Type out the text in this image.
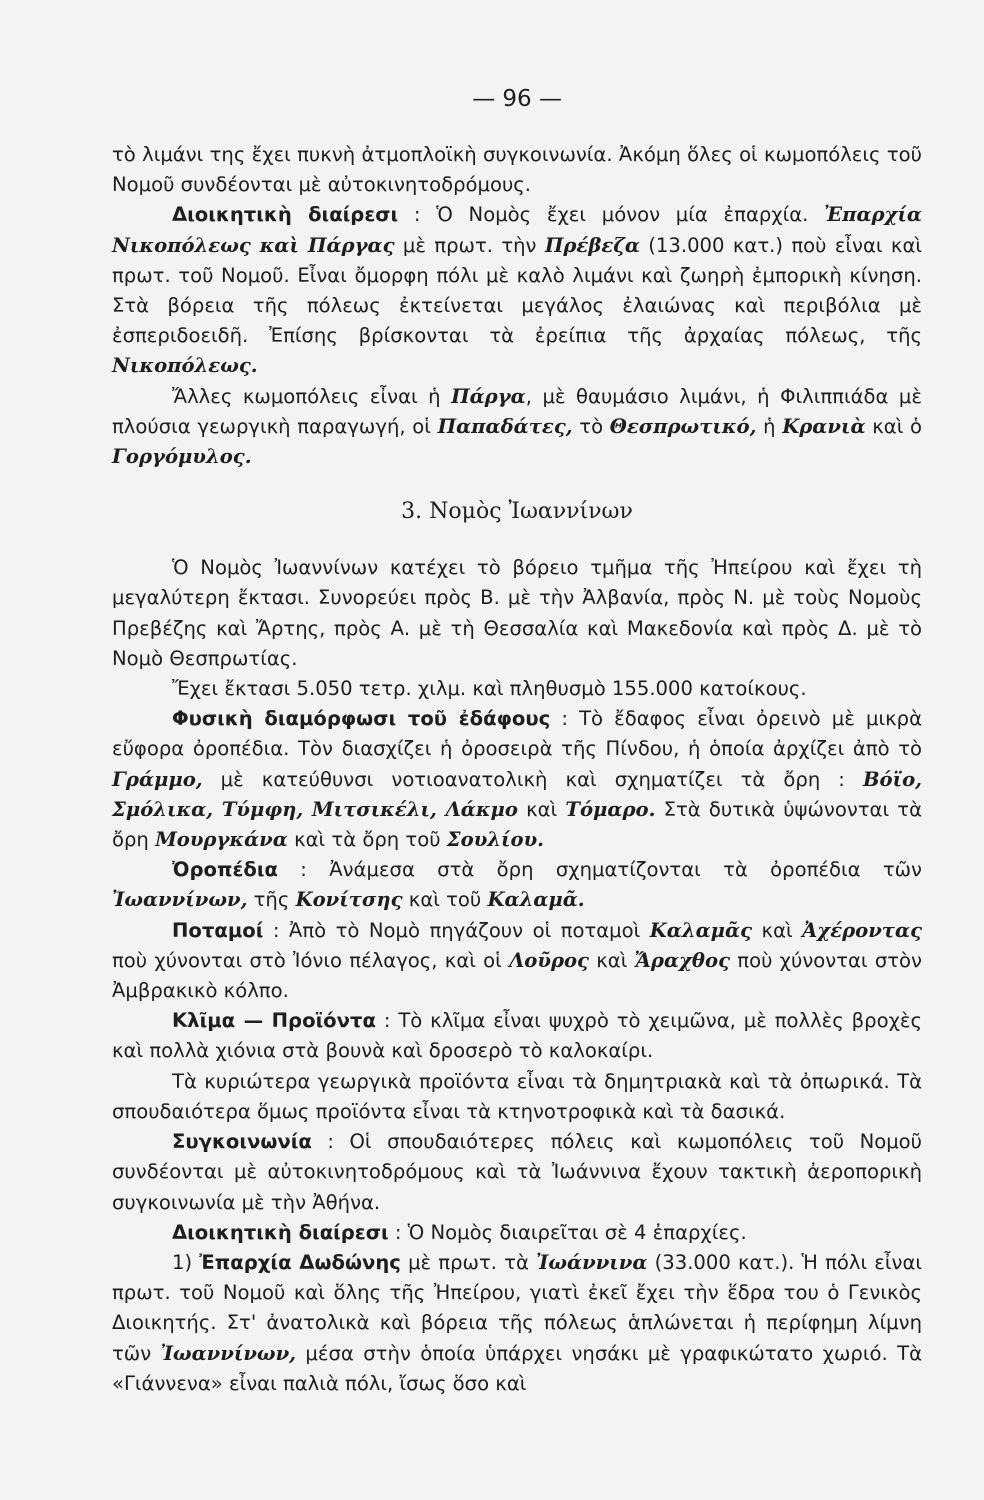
— 96 —

τὸ λιμάνι της ἔχει πυκνὴ ἀτμοπλοϊκὴ συγκοινωνία. Ἀκόμη ὅλες οἱ κωμοπόλεις τοῦ Νομοῦ συνδέονται μὲ αὐτοκινητοδρόμους.

Διοικητικὴ διαίρεσι : Ὁ Νομὸς ἔχει μόνον μία ἐπαρχία. Ἐπαρχία Νικοπόλεως καὶ Πάργας μὲ πρωτ. τὴν Πρέβεζα (13.000 κατ.) ποὺ εἶναι καὶ πρωτ. τοῦ Νομοῦ. Εἶναι ὄμορφη πόλι μὲ καλὸ λιμάνι καὶ ζωηρὴ ἐμπορικὴ κίνηση. Στὰ βόρεια τῆς πόλεως ἐκτείνεται μεγάλος ἐλαιώνας καὶ περιβόλια μὲ ἐσπεριδοειδῆ. Ἐπίσης βρίσκονται τὰ ἐρείπια τῆς ἀρχαίας πόλεως, τῆς Νικοπόλεως.

Ἄλλες κωμοπόλεις εἶναι ἡ Πάργα, μὲ θαυμάσιο λιμάνι, ἡ Φιλιππιάδα μὲ πλούσια γεωργικὴ παραγωγή, οἱ Παπαδάτες, τὸ Θεσπρωτικό, ἡ Κρανιὰ καὶ ὁ Γοργόμυλος.

3. Νομὸς Ἰωαννίνων

Ὁ Νομὸς Ἰωαννίνων κατέχει τὸ βόρειο τμῆμα τῆς Ἠπείρου καὶ ἔχει τὴ μεγαλύτερη ἔκτασι. Συνορεύει πρὸς Β. μὲ τὴν Ἀλβανία, πρὸς Ν. μὲ τοὺς Νομοὺς Πρεβέζης καὶ Ἄρτης, πρὸς Α. μὲ τὴ Θεσσαλία καὶ Μακεδονία καὶ πρὸς Δ. μὲ τὸ Νομὸ Θεσπρωτίας.

Ἔχει ἔκτασι 5.050 τετρ. χιλμ. καὶ πληθυσμὸ 155.000 κατοίκους.

Φυσικὴ διαμόρφωσι τοῦ ἐδάφους : Τὸ ἔδαφος εἶναι ὀρεινὸ μὲ μικρὰ εὔφορα ὀροπέδια. Τὸν διασχίζει ἡ ὀροσειρὰ τῆς Πίνδου, ἡ ὁποία ἀρχίζει ἀπὸ τὸ Γράμμο, μὲ κατεύθυνσι νοτιοανατολικὴ καὶ σχηματίζει τὰ ὄρη : Βόϊο, Σμόλικα, Τύμφη, Μιτσικέλι, Λάκμο καὶ Τόμαρο. Στὰ δυτικὰ ὑψώνονται τὰ ὄρη Μουργκάνα καὶ τὰ ὄρη τοῦ Σουλίου.

Ὀροπέδια : Ἀνάμεσα στὰ ὄρη σχηματίζονται τὰ ὀροπέδια τῶν Ἰωαννίνων, τῆς Κονίτσης καὶ τοῦ Καλαμᾶ.

Ποταμοί : Ἀπὸ τὸ Νομὸ πηγάζουν οἱ ποταμοὶ Καλαμᾶς καὶ Ἀχέροντας ποὺ χύνονται στὸ Ἰόνιο πέλαγος, καὶ οἱ Λοῦρος καὶ Ἄραχθος ποὺ χύνονται στὸν Ἀμβρακικὸ κόλπο.

Κλῖμα — Προϊόντα : Τὸ κλῖμα εἶναι ψυχρὸ τὸ χειμῶνα, μὲ πολλὲς βροχὲς καὶ πολλὰ χιόνια στὰ βουνὰ καὶ δροσερὸ τὸ καλοκαίρι.

Τὰ κυριώτερα γεωργικὰ προϊόντα εἶναι τὰ δημητριακὰ καὶ τὰ ὀπωρικά. Τὰ σπουδαιότερα ὅμως προϊόντα εἶναι τὰ κτηνοτροφικὰ καὶ τὰ δασικά.

Συγκοινωνία : Οἱ σπουδαιότερες πόλεις καὶ κωμοπόλεις τοῦ Νομοῦ συνδέονται μὲ αὐτοκινητοδρόμους καὶ τὰ Ἰωάννινα ἔχουν τακτικὴ ἀεροπορικὴ συγκοινωνία μὲ τὴν Ἀθήνα.

Διοικητικὴ διαίρεσι : Ὁ Νομὸς διαιρεῖται σὲ 4 ἐπαρχίες.

1) Ἐπαρχία Δωδώνης μὲ πρωτ. τὰ Ἰωάννινα (33.000 κατ.). Ἡ πόλι εἶναι πρωτ. τοῦ Νομοῦ καὶ ὅλης τῆς Ἠπείρου, γιατὶ ἐκεῖ ἔχει τὴν ἕδρα του ὁ Γενικὸς Διοικητής. Στ' ἀνατολικὰ καὶ βόρεια τῆς πόλεως ἁπλώνεται ἡ περίφημη λίμνη τῶν Ἰωαννίνων, μέσα στὴν ὁποία ὑπάρχει νησάκι μὲ γραφικώτατο χωριό. Τὰ «Γιάννενα» εἶναι παλιὰ πόλι, ἴσως ὅσο καὶ
